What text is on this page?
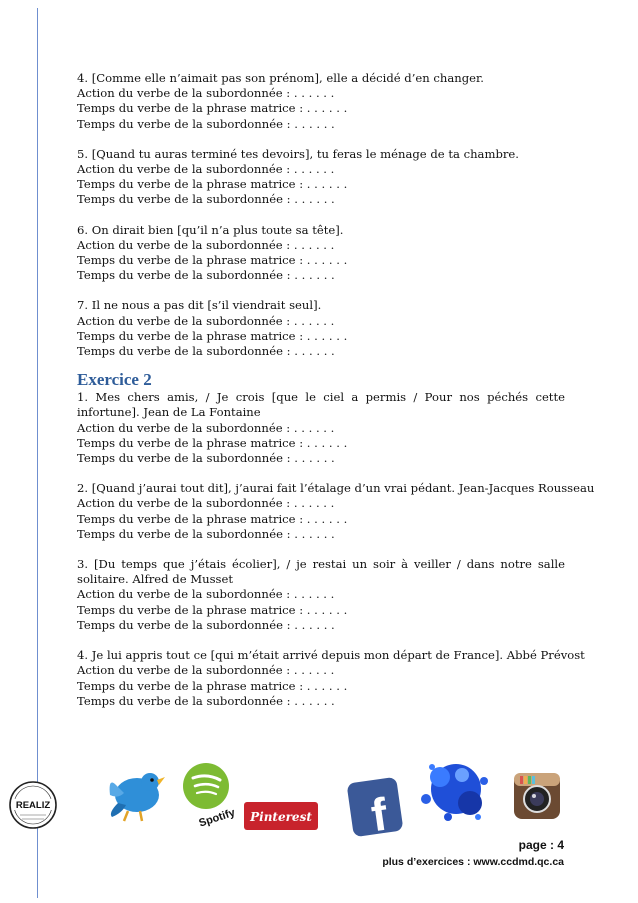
4. [Comme elle n’aimait pas son prénom], elle a décidé d’en changer.
Action du verbe de la subordonnée : . . . . . .
Temps du verbe de la phrase matrice : . . . . . .
Temps du verbe de la subordonnée : . . . . . .
5. [Quand tu auras terminé tes devoirs], tu feras le ménage de ta chambre.
Action du verbe de la subordonnée : . . . . . .
Temps du verbe de la phrase matrice : . . . . . .
Temps du verbe de la subordonnée : . . . . . .
6. On dirait bien [qu’il n’a plus toute sa tête].
Action du verbe de la subordonnée : . . . . . .
Temps du verbe de la phrase matrice : . . . . . .
Temps du verbe de la subordonnée : . . . . . .
7. Il ne nous a pas dit [s’il viendrait seul].
Action du verbe de la subordonnée : . . . . . .
Temps du verbe de la phrase matrice : . . . . . .
Temps du verbe de la subordonnée : . . . . . .
Exercice 2
1. Mes chers amis, / Je crois [que le ciel a permis / Pour nos péchés cette infortune]. Jean de La Fontaine
Action du verbe de la subordonnée : . . . . . .
Temps du verbe de la phrase matrice : . . . . . .
Temps du verbe de la subordonnée : . . . . . .
2. [Quand j’aurai tout dit], j’aurai fait l’étalage d’un vrai pédant. Jean-Jacques Rousseau
Action du verbe de la subordonnée : . . . . . .
Temps du verbe de la phrase matrice : . . . . . .
Temps du verbe de la subordonnée : . . . . . .
3. [Du temps que j’étais écolier], / je restai un soir à veiller / dans notre salle solitaire. Alfred de Musset
Action du verbe de la subordonnée : . . . . . .
Temps du verbe de la phrase matrice : . . . . . .
Temps du verbe de la subordonnée : . . . . . .
4. Je lui appris tout ce [qui m’était arrivé depuis mon départ de France]. Abbé Prévost
Action du verbe de la subordonnée : . . . . . .
Temps du verbe de la phrase matrice : . . . . . .
Temps du verbe de la subordonnée : . . . . . .
REALIZ
Spotify Pinterest f
page : 4
plus d’exercices : www.ccdmd.qc.ca
